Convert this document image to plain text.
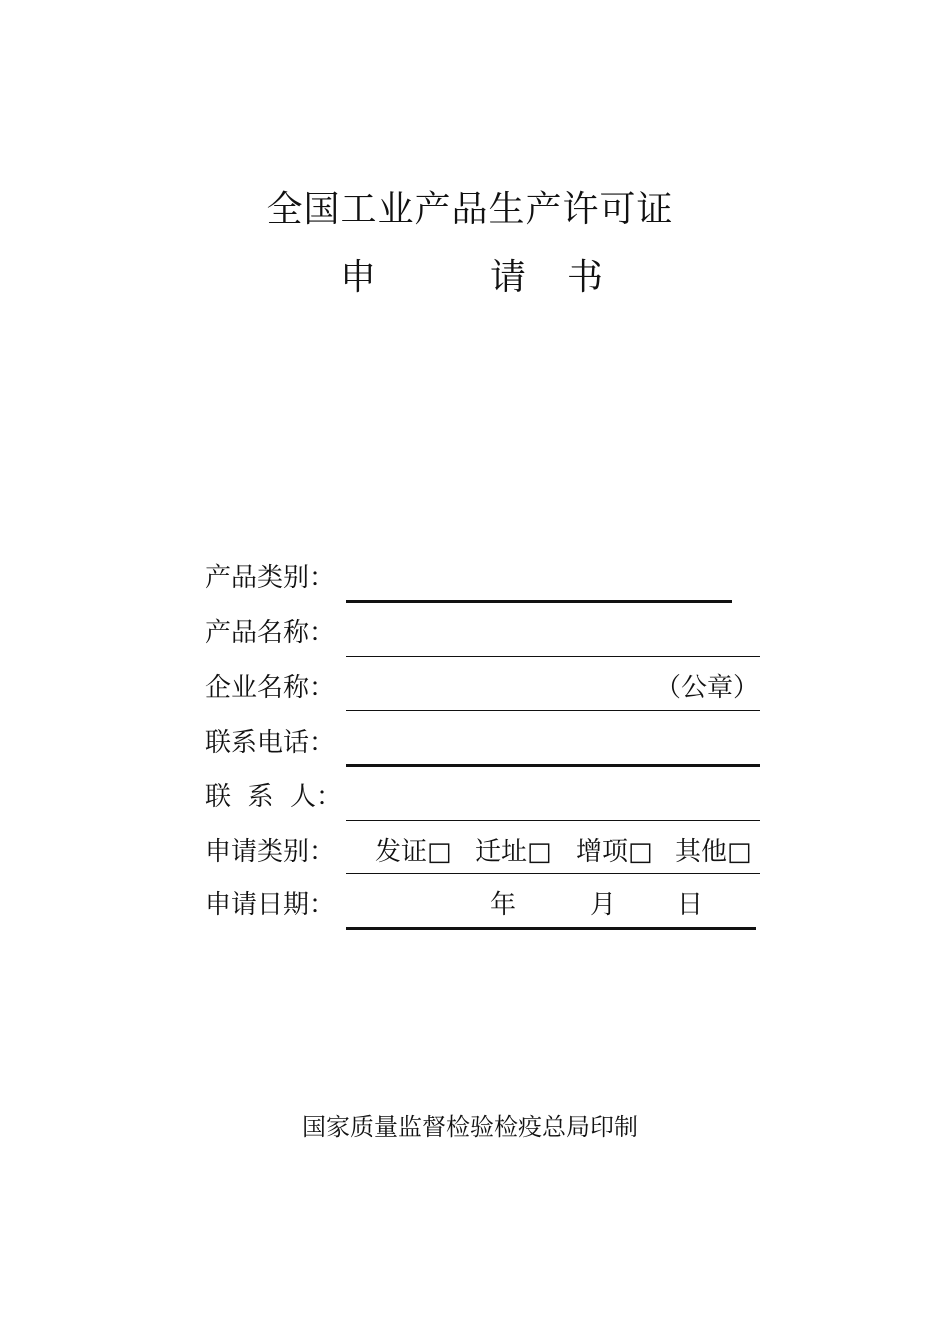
全国工业产品生产许可证
申	请 书
产品类别：
产品名称：
企业名称：	（公章）
联系电话：
联  系  人：
申请类别： 发证□ 迁址□ 增项□ 其他□
申请日期：	年	月 日
国家质量监督检验检疫总局印制
